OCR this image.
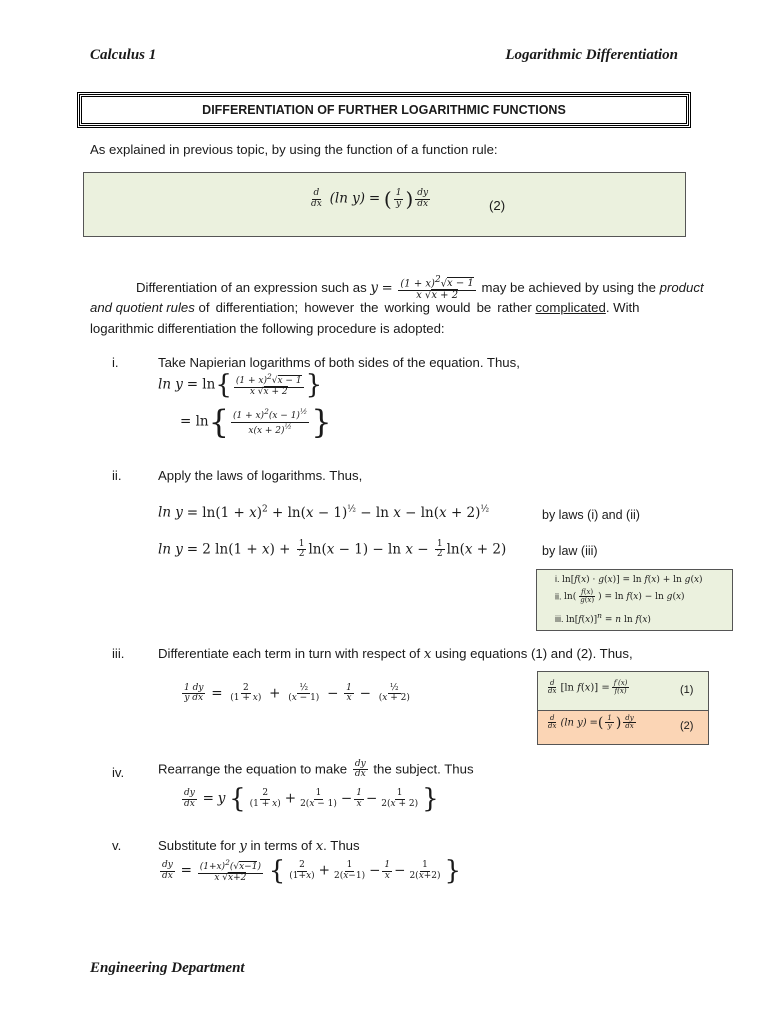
Calculus 1	Logarithmic Differentiation
DIFFERENTIATION OF FURTHER LOGARITHMIC FUNCTIONS
As explained in previous topic, by using the function of a function rule:
$\frac{d}{dx} (\ln$ y) = ( $\frac{1}{y}$ ) $\frac{dy}{dx}$	(2)
Differentiation of an expression such as $y = \frac{(1 + x)^2√x - 1}{x √x + 2}$ may be achieved by using the product
and quotient rules of differentiation; however the working would be rather complicated. With
logarithmic differentiation the following procedure is adopted:
i.	Take Napierian logarithms of both sides of the equation. Thus,
$\ln y = \ln\{ \frac{(1 + x)^2√x - 1}{x √x + 2}$ }
= $\ln\{ \frac{(1 + x)^2(x - 1)^{\frac{1}{2}}}{x(x + 2)^{\frac{1}{2}}}$ }
ii.	Apply the laws of logarithms. Thus,
$\ln y = \ln(1 + x)^2 + \ln(x - 1)^{\frac{1}{2}} - \ln x - \ln(x + 2)^{\frac{1}{2}}$	by laws (i) and (ii)
ln y = 2 $\ln(1 + x) + \frac{1}{2} \ln(x - 1) - \ln x - \frac{1}{2} \ln(x + 2)$	by law (iii)
i. ln[f(x) · g(x)] = ln f(x) + ln g(x)
ii. $\ln( \frac{f(x)}{g(x)}$ ) = ln f(x) − ln g(x)
iii. $\ln[f(x)]^n = n$ ln f(x)
iii.	Differentiate each term in turn with respect of x using equations (1) and (2). Thus,
$\frac{1 dy}{\text{y dx}} = \frac{2}{(1 + x)} + \frac{\text{½}}{(x - 1)} - \frac{1}{x} - \frac{\text{½}}{(x + 2)}$	$\frac{d}{dx} [\ln$ $f(x)] = \frac{f'(x)}{f(x)}$	(1)
$\frac{d}{dx} (\ln$ y) =( $\frac{1}{y}$ ) $\frac{dy}{dx}$	(2)
iv.	Rearrange the equation to make $\frac{dy}{dx}$ the subject. Thus
$\frac{dy}{dx} = y$ { $\frac{2}{(1 + x)} + \frac{1}{2(x - 1)} - \frac{1}{x} - \frac{1}{2(x + 2)}$ }
v.	Substitute for y in terms of x. Thus
$\frac{dy}{dx} = \frac{(1+x)^2(√x-1)}{x √x+2}$ { $\frac{2}{(1+x)} + \frac{1}{2(x-1)} - \frac{1}{x} - \frac{1}{2(x+2)}$ }
Engineering Department
